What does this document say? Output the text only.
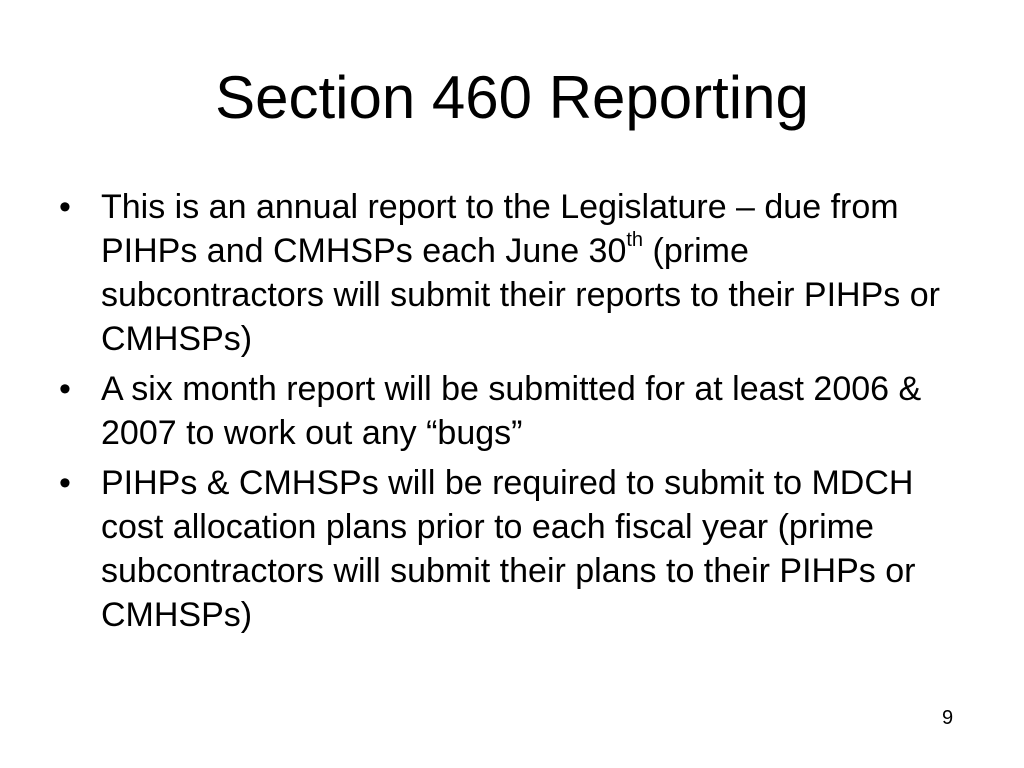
Section 460 Reporting
• This is an annual report to the Legislature – due from PIHPs and CMHSPs each June 30th (prime subcontractors will submit their reports to their PIHPs or CMHSPs)
• A six month report will be submitted for at least 2006 & 2007 to work out any “bugs”
• PIHPs & CMHSPs will be required to submit to MDCH cost allocation plans prior to each fiscal year (prime subcontractors will submit their plans to their PIHPs or CMHSPs)
9
